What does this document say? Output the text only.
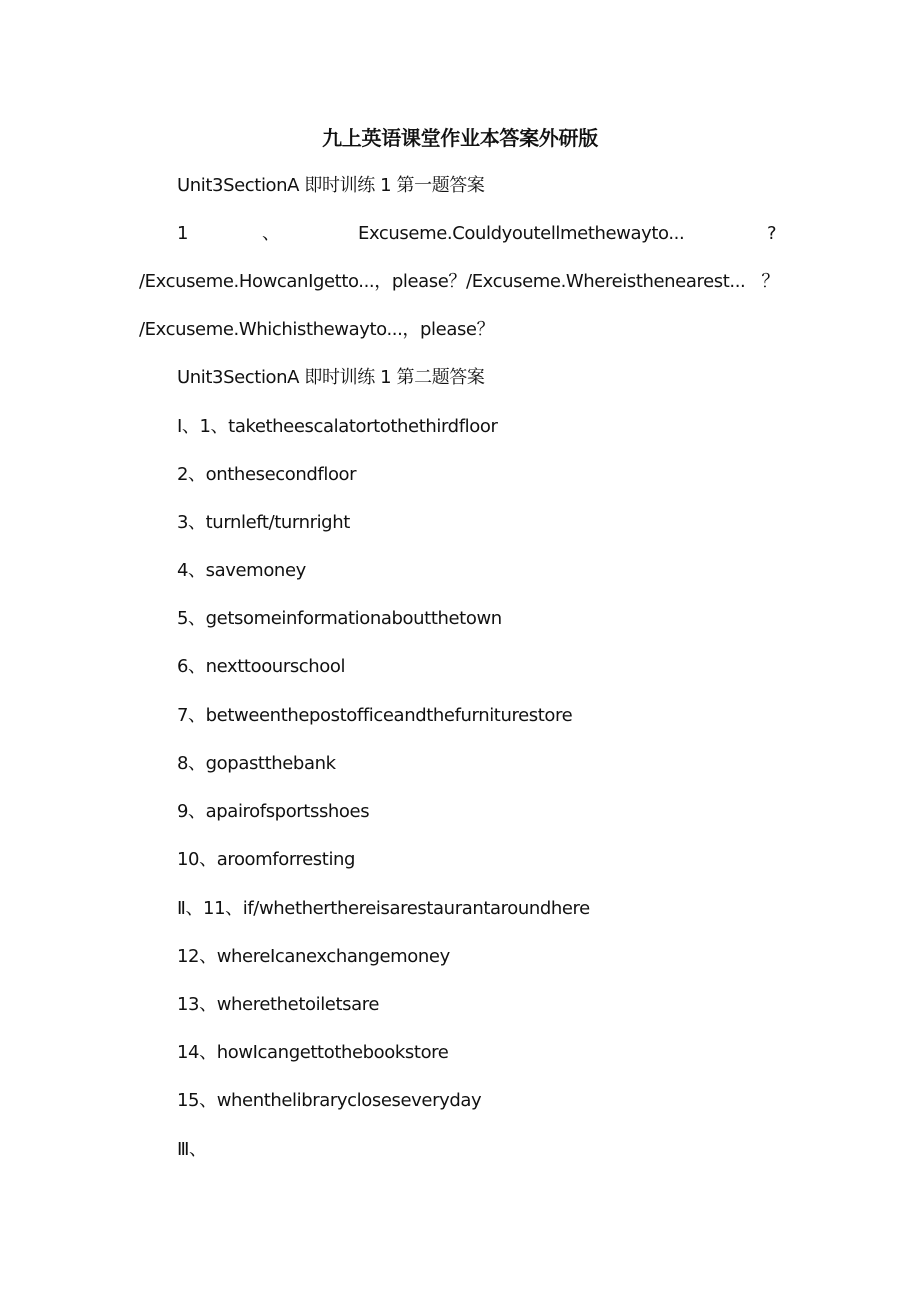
九上英语课堂作业本答案外研版
Unit3SectionA 即时训练 1 第一题答案
1	、	Excuseme.Couldyoutellmethewayto...	?
/Excuseme.HowcanIgetto...，please？/Excuseme.Whereisthenearest... ？
/Excuseme.Whichisthewayto...，please？
Unit3SectionA 即时训练 1 第二题答案
Ⅰ、1、taketheescalatortothethirdfloor
2、onthesecondfloor
3、turnleft/turnright
4、savemoney
5、getsomeinformationaboutthetown
6、nexttoourschool
7、betweenthepostofficeandthefurniturestore
8、gopastthebank
9、apairofsportsshoes
10、aroomforresting
Ⅱ、11、if/whetherthereisarestaurantaroundhere
12、whereIcanexchangemoney
13、wherethetoiletsare
14、howIcangettothebookstore
15、whenthelibrarycloseseveryday
Ⅲ、
